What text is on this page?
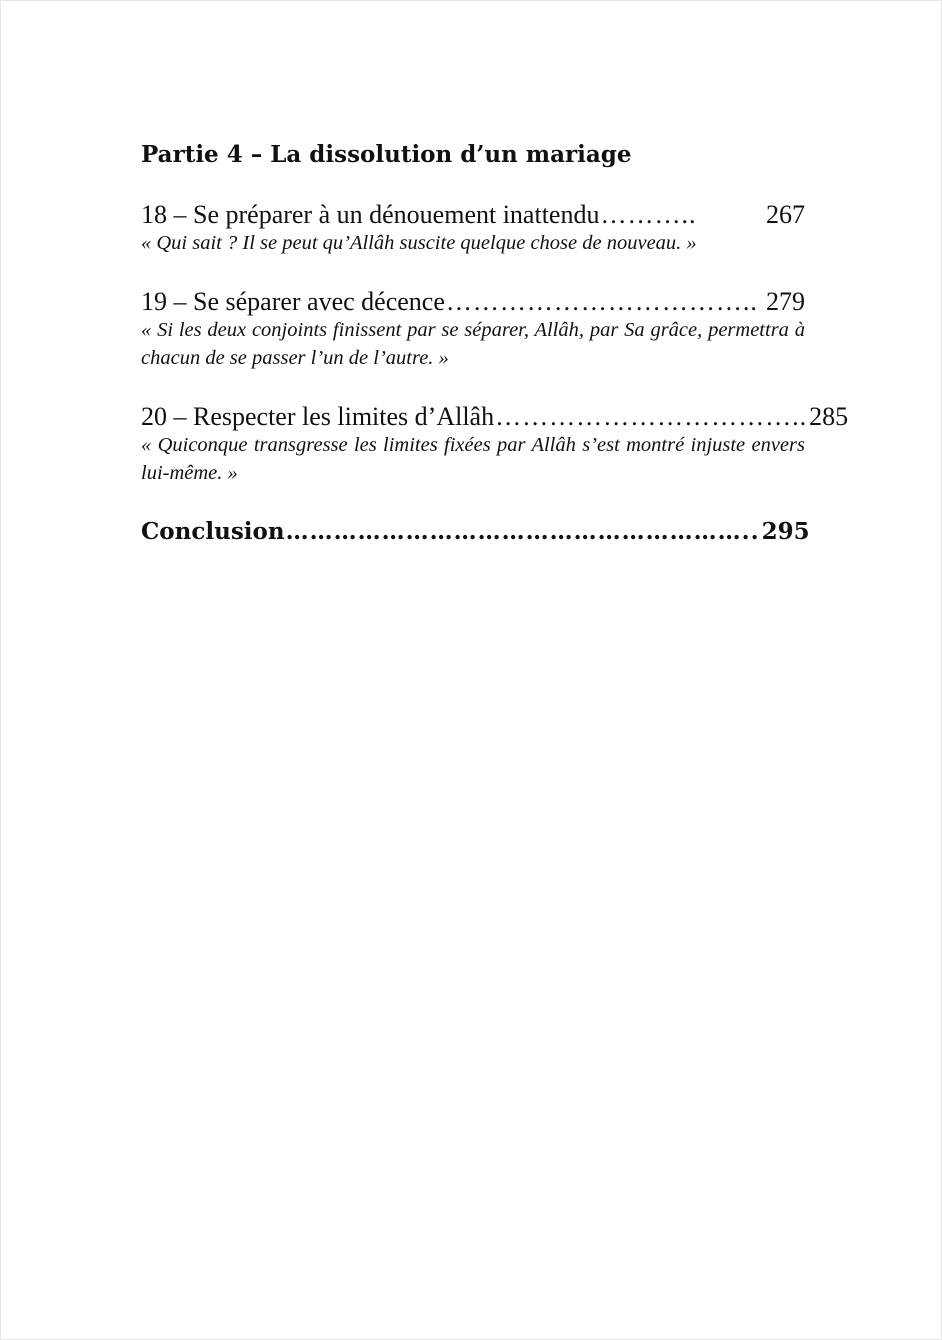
Partie 4 – La dissolution d’un mariage
18 – Se préparer à un dénouement inattendu ………..	267
« Qui sait ? Il se peut qu’Allâh suscite quelque chose de nouveau. »
19 – Se séparer avec décence …………………………….. 279
« Si les deux conjoints finissent par se séparer, Allâh, par Sa grâce, permettra à chacun de se passer l’un de l’autre. »
20 – Respecter les limites d’Allâh …………………………….. 285
« Quiconque transgresse les limites fixées par Allâh s’est montré injuste envers lui-même. »
Conclusion ………………………………………………….. 295
